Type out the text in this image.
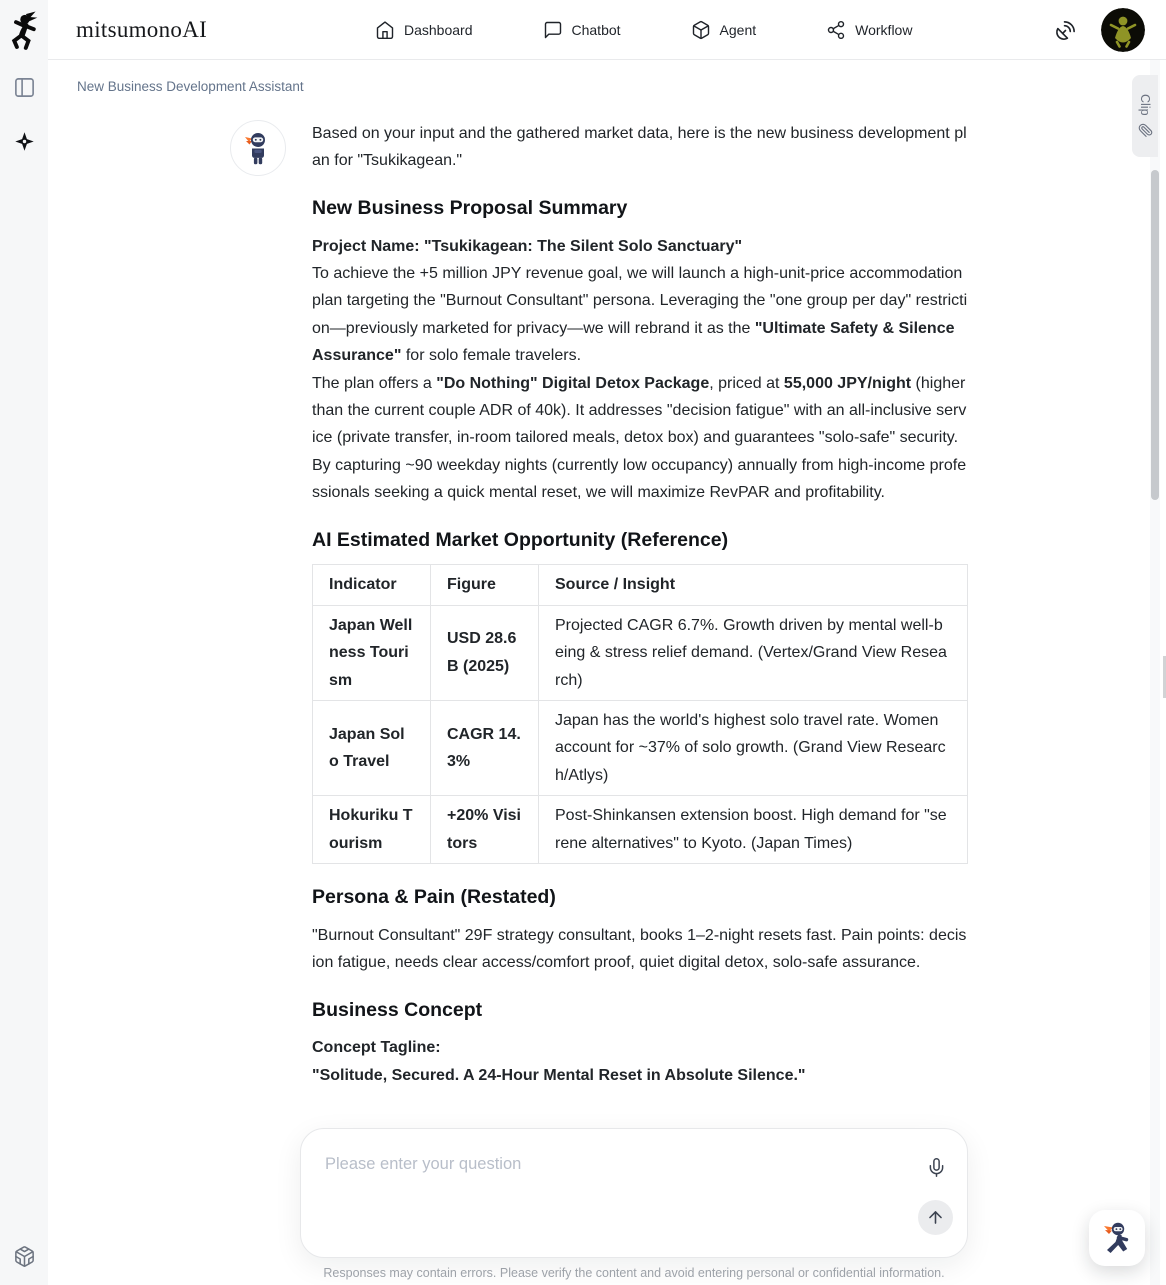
mitsumonoAI	Dashboard	Chatbot	Agent	Workflow
New Business Development Assistant

Based on your input and the gathered market data, here is the new business development plan for "Tsukikagean."

New Business Proposal Summary

Project Name: "Tsukikagean: The Silent Solo Sanctuary"
To achieve the +5 million JPY revenue goal, we will launch a high-unit-price accommodation plan targeting the "Burnout Consultant" persona. Leveraging the "one group per day" restriction—previously marketed for privacy—we will rebrand it as the "Ultimate Safety & Silence Assurance" for solo female travelers.
The plan offers a "Do Nothing" Digital Detox Package, priced at 55,000 JPY/night (higher than the current couple ADR of 40k). It addresses "decision fatigue" with an all-inclusive service (private transfer, in-room tailored meals, detox box) and guarantees "solo-safe" security. By capturing ~90 weekday nights (currently low occupancy) annually from high-income professionals seeking a quick mental reset, we will maximize RevPAR and profitability.

AI Estimated Market Opportunity (Reference)
Indicator	Figure	Source / Insight
Japan Wellness Tourism	USD 28.6B (2025)	Projected CAGR 6.7%. Growth driven by mental well-being & stress relief demand. (Vertex/Grand View Research)
Japan Solo Travel	CAGR 14.3%	Japan has the world's highest solo travel rate. Women account for ~37% of solo growth. (Grand View Research/Atlys)
Hokuriku Tourism	+20% Visitors	Post-Shinkansen extension boost. High demand for "serene alternatives" to Kyoto. (Japan Times)
Persona & Pain (Restated)

"Burnout Consultant" 29F strategy consultant, books 1–2-night resets fast. Pain points: decision fatigue, needs clear access/comfort proof, quiet digital detox, solo-safe assurance.

Business Concept

Concept Tagline:
"Solitude, Secured. A 24-Hour Mental Reset in Absolute Silence."

Clip
Please enter your question
Responses may contain errors. Please verify the content and avoid entering personal or confidential information.
